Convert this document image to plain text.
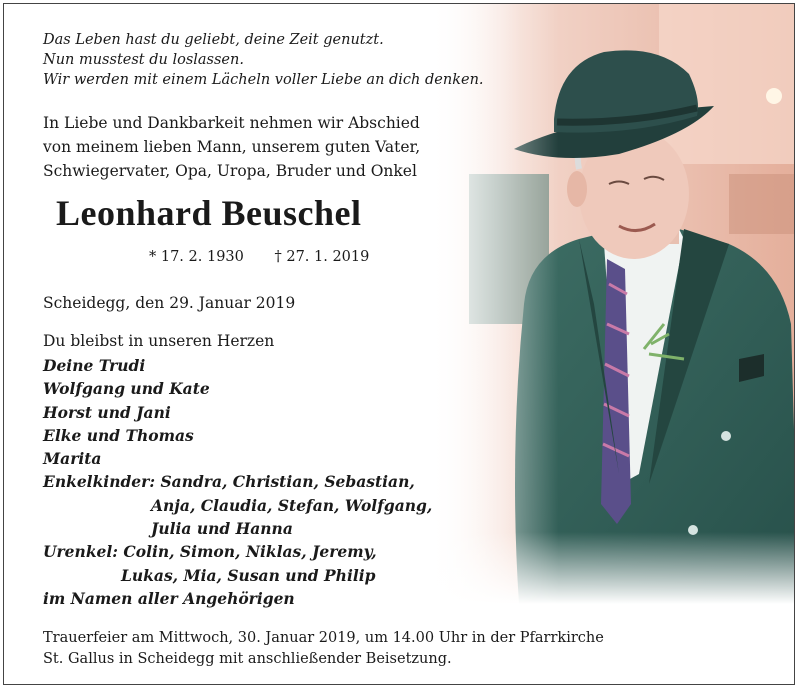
Das Leben hast du geliebt, deine Zeit genutzt.
Nun musstest du loslassen.
Wir werden mit einem Lächeln voller Liebe an dich denken.
In Liebe und Dankbarkeit nehmen wir Abschied
von meinem lieben Mann, unserem guten Vater,
Schwiegervater, Opa, Uropa, Bruder und Onkel
Leonhard Beuschel
* 17. 2. 1930 † 27. 1. 2019
Scheidegg, den 29. Januar 2019
Du bleibst in unseren Herzen
Deine Trudi
Wolfgang und Kate
Horst und Jani
Elke und Thomas
Marita
Enkelkinder: Sandra, Christian, Sebastian,
Anja, Claudia, Stefan, Wolfgang,
Julia und Hanna
Urenkel: Colin, Simon, Niklas, Jeremy,
Lukas, Mia, Susan und Philip
im Namen aller Angehörigen
Trauerfeier am Mittwoch, 30. Januar 2019, um 14.00 Uhr in der Pfarrkirche
St. Gallus in Scheidegg mit anschließender Beisetzung.
